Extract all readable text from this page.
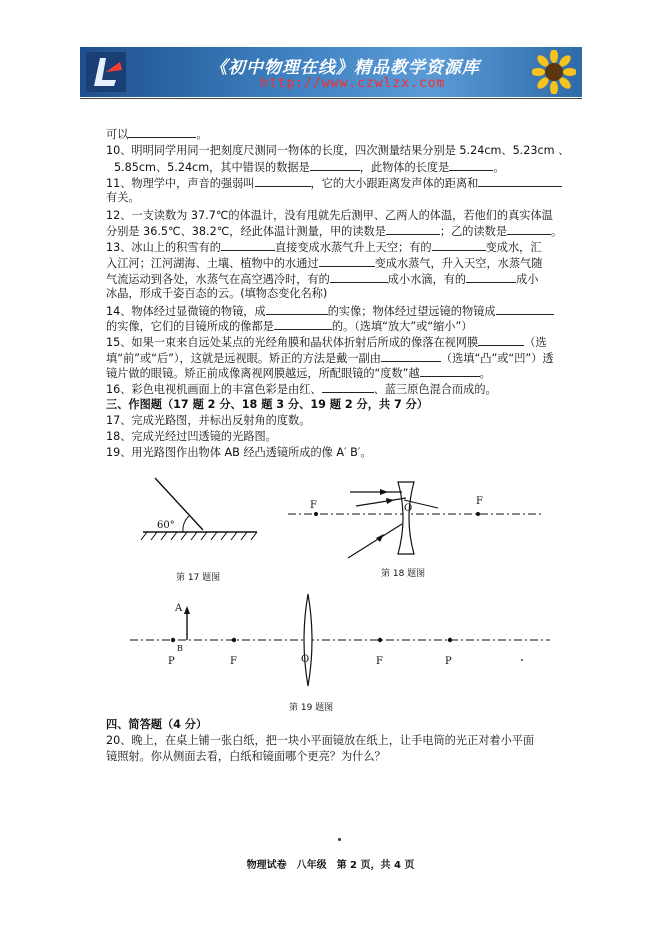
《初中物理在线》精品教学资源库
http://www.czwlzx.com
可以	。
10、明明同学用同一把刻度尺测同一物体的长度，四次测量结果分别是 5.24cm、5.23cm 、
5.85cm、5.24cm，其中错误的数据是	，此物体的长度是	。
11、物理学中，声音的强弱叫	，它的大小跟距离发声体的距离和
有关。
12、一支读数为 37.7℃的体温计，没有甩就先后测甲、乙两人的体温，若他们的真实体温
分别是 36.5℃、38.2℃，经此体温计测量，甲的读数是	；乙的读数是	。
13、冰山上的积雪有的	直接变成水蒸气升上天空；有的	变成水，汇
入江河；江河湖海、土壤、植物中的水通过	变成水蒸气，升入天空，水蒸气随
气流运动到各处，水蒸气在高空遇冷时，有的	成小水滴，有的	成小
冰晶，形成千姿百态的云。(填物态变化名称)
14、物体经过显微镜的物镜，成	的实像；物体经过望远镜的物镜成
的实像，它们的目镜所成的像都是	的。（选填“放大”或“缩小”）
15、如果一束来自远处某点的光经角膜和晶状体折射后所成的像落在视网膜	（选
填“前”或“后”），这就是远视眼。矫正的方法是戴一副由	（选填“凸”或“凹”）透
镜片做的眼镜。矫正前成像离视网膜越远，所配眼镜的“度数”越	。
16、彩色电视机画面上的丰富色彩是由红、	、蓝三原色混合而成的。
三、作图题（17 题 2 分、18 题 3 分、19 题 2 分，共 7 分）
17、完成光路图，并标出反射角的度数。
18、完成光经过凹透镜的光路图。
19、用光路图作出物体 AB 经凸透镜所成的像 A′ B′。
60°
第 17 题图
F	F
O
第 18 题图
A
B
P	F	O	F	P
第 19 题图
四、简答题（4 分）
20、晚上，在桌上铺一张白纸，把一块小平面镜放在纸上，让手电筒的光正对着小平面
镜照射。你从侧面去看，白纸和镜面哪个更亮？为什么？
物理试卷　八年级　第 2 页，共 4 页
